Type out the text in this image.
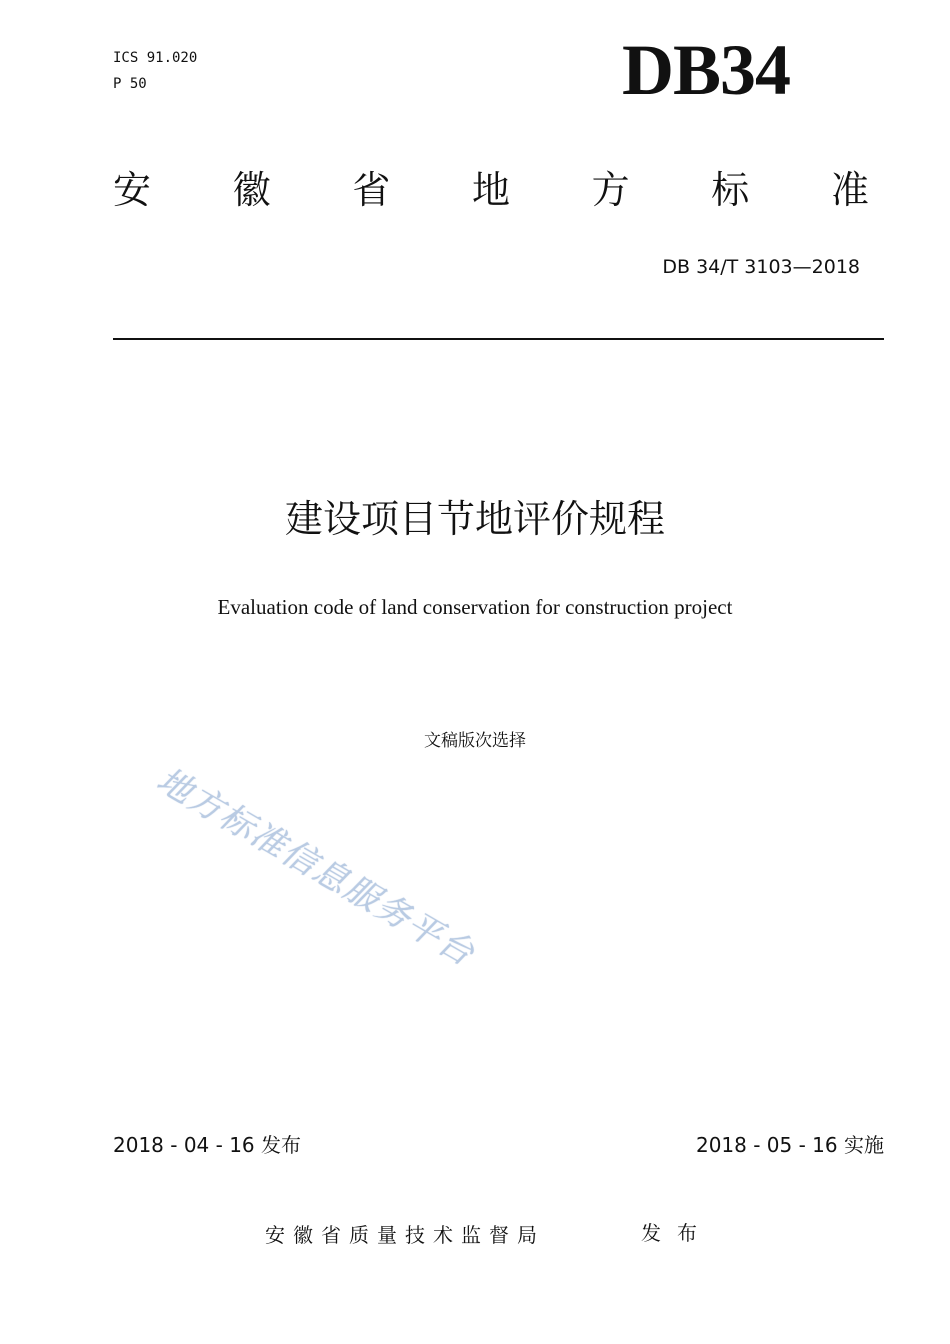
ICS 91.020
P 50	DB34
安 徽 省 地 方 标 准
DB 34/T 3103—2018
建设项目节地评价规程
Evaluation code of land conservation for construction project
文稿版次选择
地方标准信息服务平台
2018 - 04 - 16 发布	2018 - 05 - 16 实施
安徽省质量技术监督局	发布
